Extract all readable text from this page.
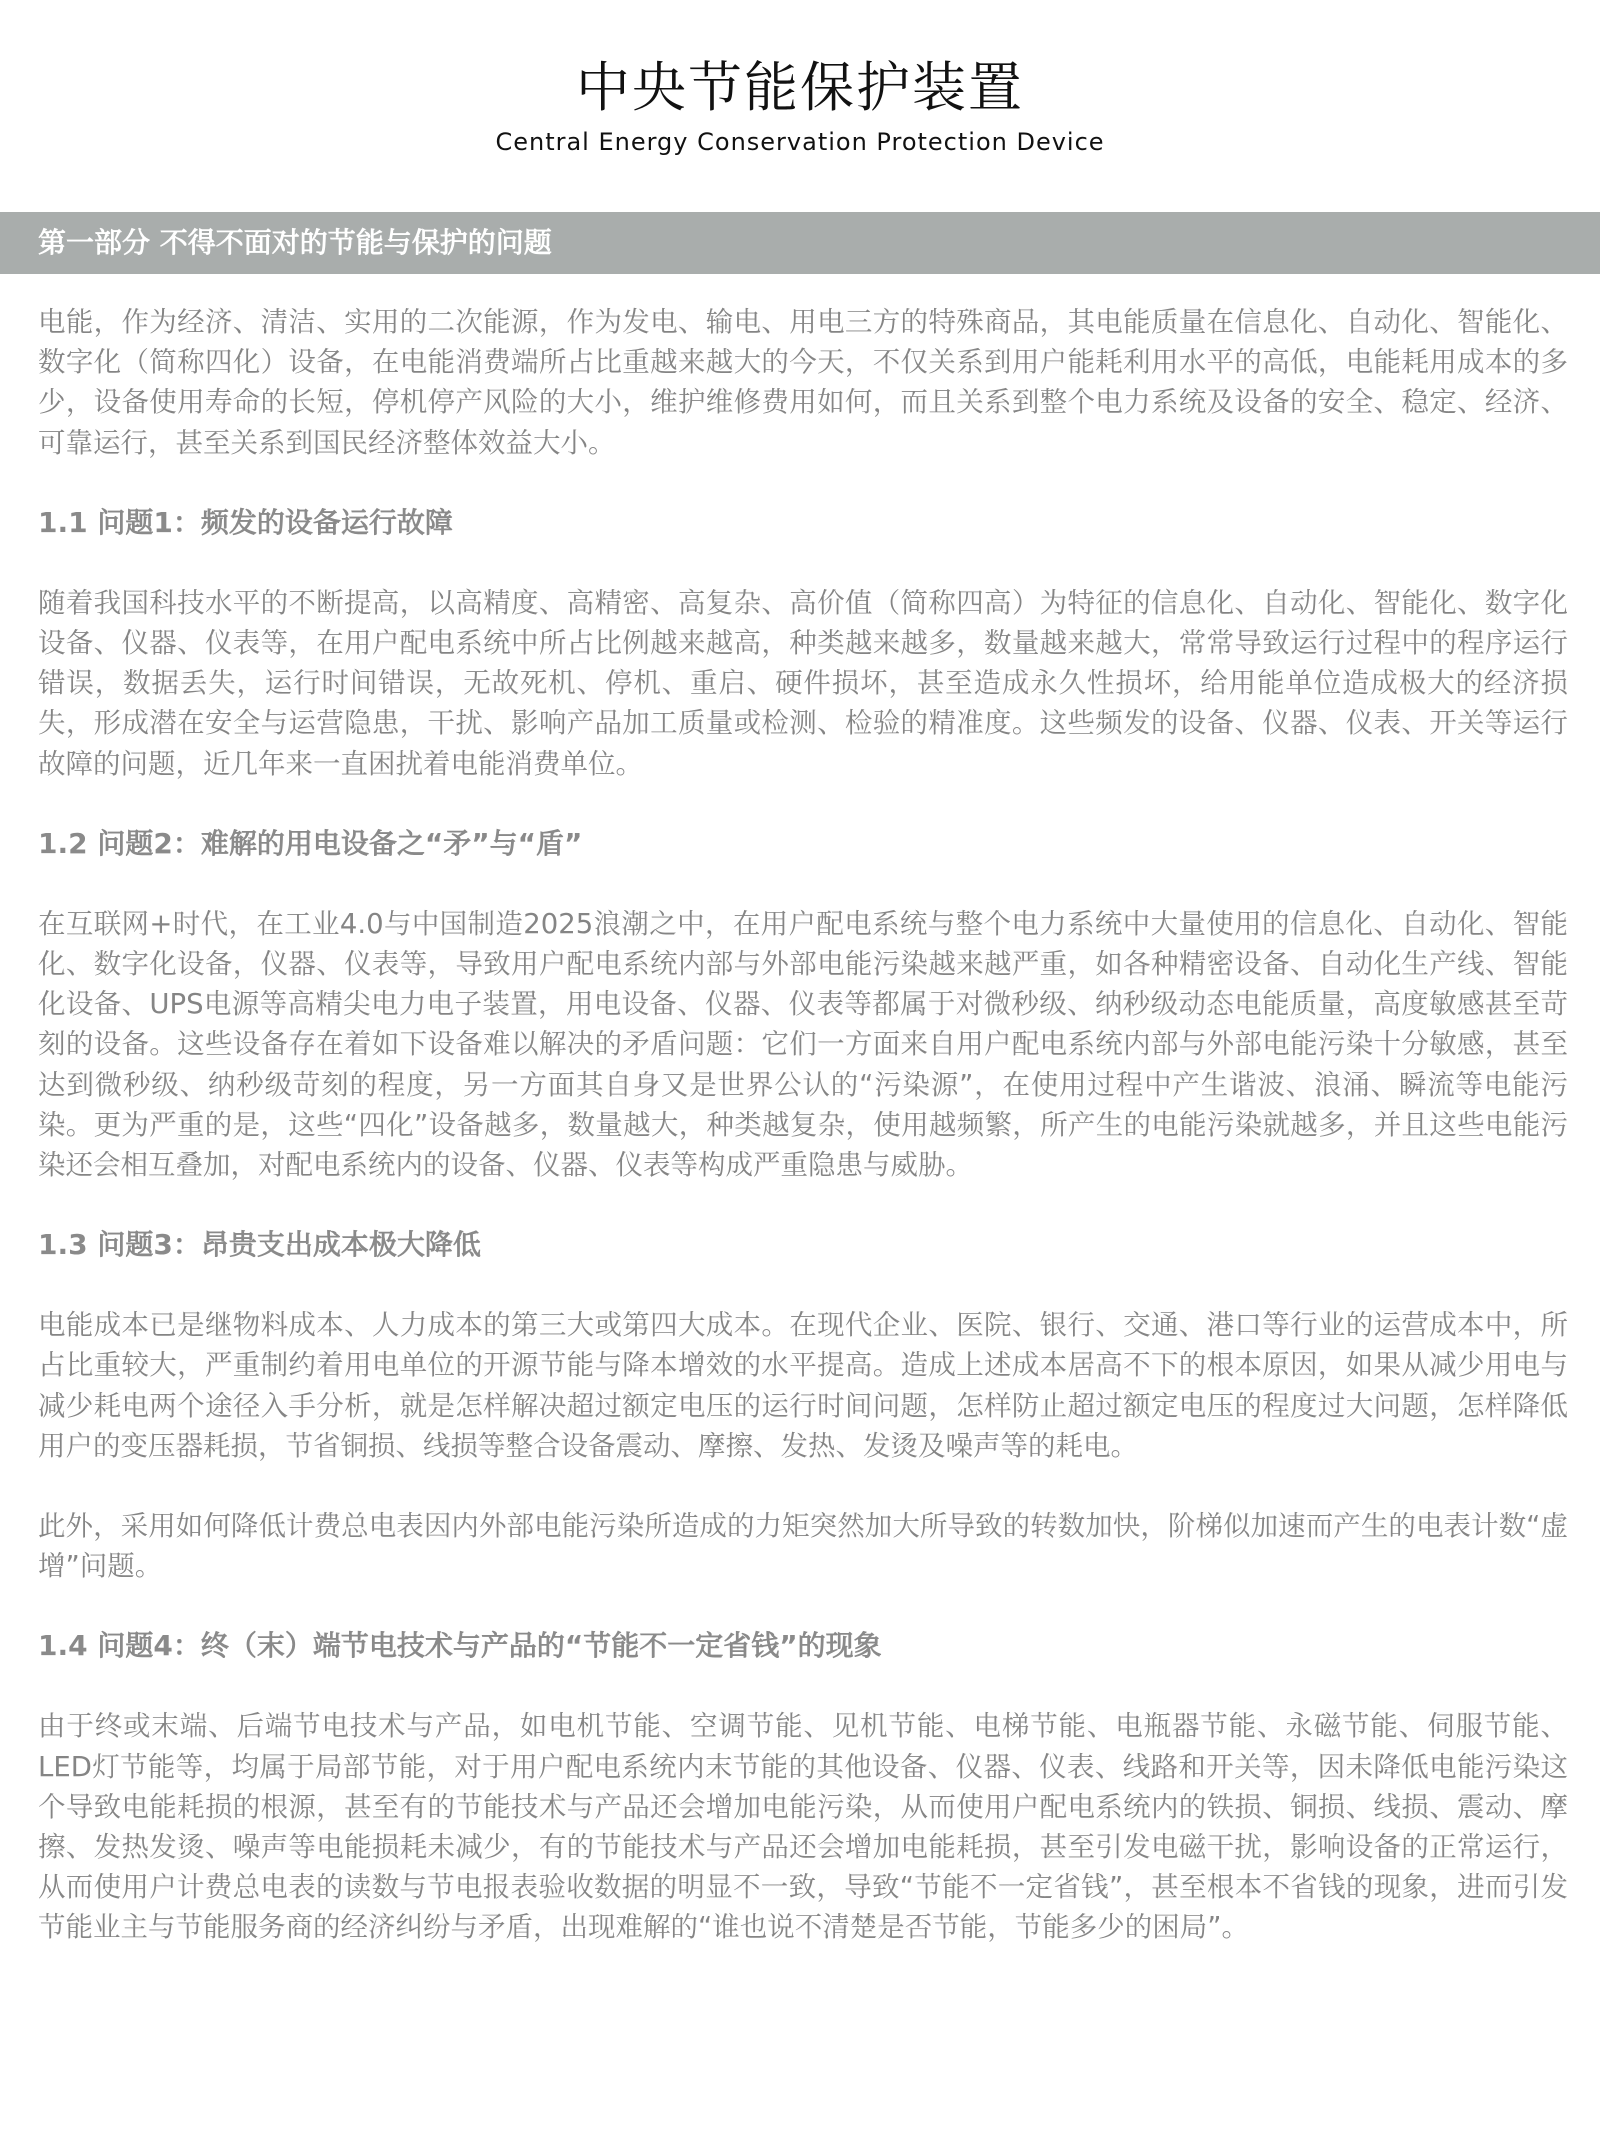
中央节能保护装置
Central Energy Conservation Protection Device
第一部分 不得不面对的节能与保护的问题

电能，作为经济、清洁、实用的二次能源，作为发电、输电、用电三方的特殊商品，其电能质量在信息化、自动化、智能化、数字化（简称四化）设备，在电能消费端所占比重越来越大的今天，不仅关系到用户能耗利用水平的高低，电能耗用成本的多少，设备使用寿命的长短，停机停产风险的大小，维护维修费用如何，而且关系到整个电力系统及设备的安全、稳定、经济、可靠运行，甚至关系到国民经济整体效益大小。

1.1 问题1：频发的设备运行故障

随着我国科技水平的不断提高，以高精度、高精密、高复杂、高价值（简称四高）为特征的信息化、自动化、智能化、数字化设备、仪器、仪表等，在用户配电系统中所占比例越来越高，种类越来越多，数量越来越大，常常导致运行过程中的程序运行错误，数据丢失，运行时间错误，无故死机、停机、重启、硬件损坏，甚至造成永久性损坏，给用能单位造成极大的经济损失，形成潜在安全与运营隐患，干扰、影响产品加工质量或检测、检验的精准度。这些频发的设备、仪器、仪表、开关等运行故障的问题，近几年来一直困扰着电能消费单位。

1.2 问题2：难解的用电设备之“矛”与“盾”

在互联网+时代，在工业4.0与中国制造2025浪潮之中，在用户配电系统与整个电力系统中大量使用的信息化、自动化、智能化、数字化设备，仪器、仪表等，导致用户配电系统内部与外部电能污染越来越严重，如各种精密设备、自动化生产线、智能化设备、UPS电源等高精尖电力电子装置，用电设备、仪器、仪表等都属于对微秒级、纳秒级动态电能质量，高度敏感甚至苛刻的设备。这些设备存在着如下设备难以解决的矛盾问题：它们一方面来自用户配电系统内部与外部电能污染十分敏感，甚至达到微秒级、纳秒级苛刻的程度，另一方面其自身又是世界公认的“污染源”，在使用过程中产生谐波、浪涌、瞬流等电能污染。更为严重的是，这些“四化”设备越多，数量越大，种类越复杂，使用越频繁，所产生的电能污染就越多，并且这些电能污染还会相互叠加，对配电系统内的设备、仪器、仪表等构成严重隐患与威胁。

1.3 问题3：昂贵支出成本极大降低

电能成本已是继物料成本、人力成本的第三大或第四大成本。在现代企业、医院、银行、交通、港口等行业的运营成本中，所占比重较大，严重制约着用电单位的开源节能与降本增效的水平提高。造成上述成本居高不下的根本原因，如果从减少用电与减少耗电两个途径入手分析，就是怎样解决超过额定电压的运行时间问题，怎样防止超过额定电压的程度过大问题，怎样降低用户的变压器耗损，节省铜损、线损等整合设备震动、摩擦、发热、发烫及噪声等的耗电。

此外，采用如何降低计费总电表因内外部电能污染所造成的力矩突然加大所导致的转数加快，阶梯似加速而产生的电表计数“虚增”问题。

1.4 问题4：终（末）端节电技术与产品的“节能不一定省钱”的现象

由于终或末端、后端节电技术与产品，如电机节能、空调节能、见机节能、电梯节能、电瓶器节能、永磁节能、伺服节能、LED灯节能等，均属于局部节能，对于用户配电系统内末节能的其他设备、仪器、仪表、线路和开关等，因未降低电能污染这个导致电能耗损的根源，甚至有的节能技术与产品还会增加电能污染，从而使用户配电系统内的铁损、铜损、线损、震动、摩擦、发热发烫、噪声等电能损耗未减少，有的节能技术与产品还会增加电能耗损，甚至引发电磁干扰，影响设备的正常运行，从而使用户计费总电表的读数与节电报表验收数据的明显不一致，导致“节能不一定省钱”，甚至根本不省钱的现象，进而引发节能业主与节能服务商的经济纠纷与矛盾，出现难解的“谁也说不清楚是否节能，节能多少的困局”。
